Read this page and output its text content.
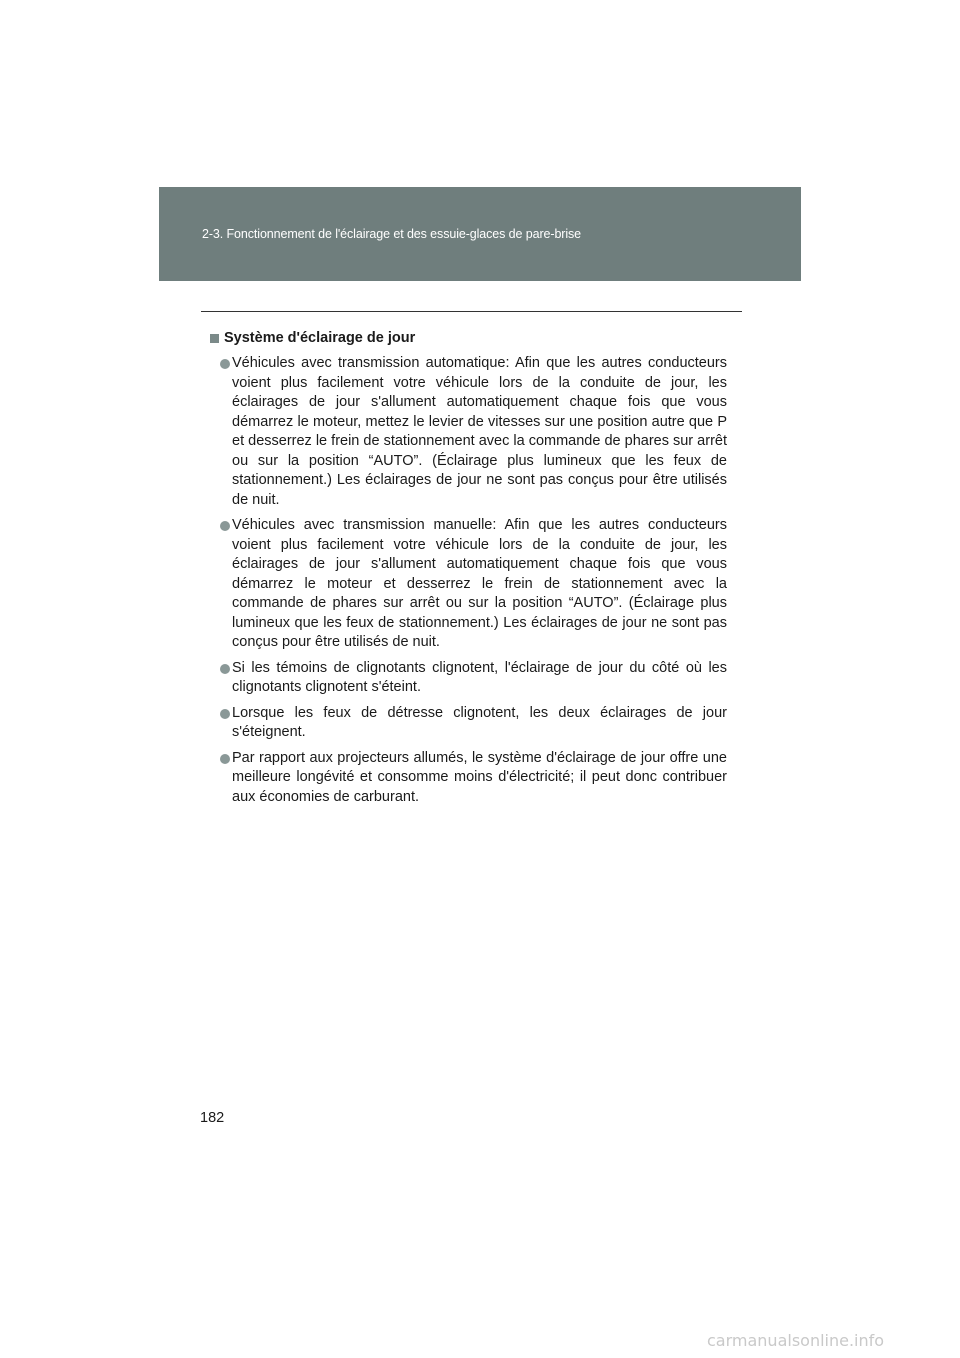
2-3. Fonctionnement de l'éclairage et des essuie-glaces de pare-brise
Système d'éclairage de jour
Véhicules avec transmission automatique: Afin que les autres conducteurs voient plus facilement votre véhicule lors de la conduite de jour, les éclairages de jour s'allument automatiquement chaque fois que vous démarrez le moteur, mettez le levier de vitesses sur une position autre que P et desserrez le frein de stationnement avec la commande de phares sur arrêt ou sur la position “AUTO”. (Éclairage plus lumineux que les feux de stationnement.) Les éclairages de jour ne sont pas conçus pour être utilisés de nuit.
Véhicules avec transmission manuelle: Afin que les autres conducteurs voient plus facilement votre véhicule lors de la conduite de jour, les éclairages de jour s'allument automatiquement chaque fois que vous démarrez le moteur et desserrez le frein de stationnement avec la commande de phares sur arrêt ou sur la position “AUTO”. (Éclairage plus lumineux que les feux de stationnement.) Les éclairages de jour ne sont pas conçus pour être utilisés de nuit.
Si les témoins de clignotants clignotent, l'éclairage de jour du côté où les clignotants clignotent s'éteint.
Lorsque les feux de détresse clignotent, les deux éclairages de jour s'éteignent.
Par rapport aux projecteurs allumés, le système d'éclairage de jour offre une meilleure longévité et consomme moins d'électricité; il peut donc contribuer aux économies de carburant.
182
carmanualsonline.info
